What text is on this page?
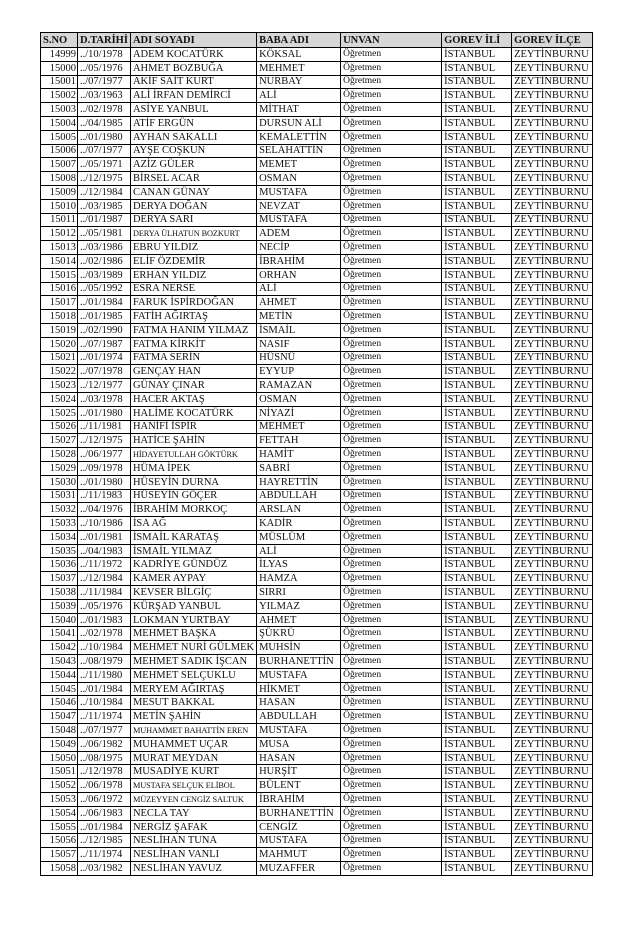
S.NO	D.TARİHİ	ADI SOYADI	BABA ADI	UNVAN	GOREV İLİ	GOREV İLÇE
14999	../10/1978	ADEM KOCATÜRK	KÖKSAL	Öğretmen	İSTANBUL	ZEYTİNBURNU
15000	../05/1976	AHMET BOZBUĞA	MEHMET	Öğretmen	İSTANBUL	ZEYTİNBURNU
15001	../07/1977	AKİF SAİT KURT	NURBAY	Öğretmen	İSTANBUL	ZEYTİNBURNU
15002	../03/1963	ALİ İRFAN DEMİRCİ	ALİ	Öğretmen	İSTANBUL	ZEYTİNBURNU
15003	../02/1978	ASİYE YANBUL	MİTHAT	Öğretmen	İSTANBUL	ZEYTİNBURNU
15004	../04/1985	ATİF ERGÜN	DURSUN ALİ	Öğretmen	İSTANBUL	ZEYTİNBURNU
15005	../01/1980	AYHAN SAKALLI	KEMALETTİN	Öğretmen	İSTANBUL	ZEYTİNBURNU
15006	../07/1977	AYŞE COŞKUN	SELAHATTİN	Öğretmen	İSTANBUL	ZEYTİNBURNU
15007	../05/1971	AZİZ GÜLER	MEMET	Öğretmen	İSTANBUL	ZEYTİNBURNU
15008	../12/1975	BİRSEL ACAR	OSMAN	Öğretmen	İSTANBUL	ZEYTİNBURNU
15009	../12/1984	CANAN GÜNAY	MUSTAFA	Öğretmen	İSTANBUL	ZEYTİNBURNU
15010	../03/1985	DERYA DOĞAN	NEVZAT	Öğretmen	İSTANBUL	ZEYTİNBURNU
15011	../01/1987	DERYA SARI	MUSTAFA	Öğretmen	İSTANBUL	ZEYTİNBURNU
15012	../05/1981	DERYA ÜLHATUN BOZKURT	ADEM	Öğretmen	İSTANBUL	ZEYTİNBURNU
15013	../03/1986	EBRU YILDIZ	NECİP	Öğretmen	İSTANBUL	ZEYTİNBURNU
15014	../02/1986	ELİF ÖZDEMİR	İBRAHİM	Öğretmen	İSTANBUL	ZEYTİNBURNU
15015	../03/1989	ERHAN YILDIZ	ORHAN	Öğretmen	İSTANBUL	ZEYTİNBURNU
15016	../05/1992	ESRA NERSE	ALİ	Öğretmen	İSTANBUL	ZEYTİNBURNU
15017	../01/1984	FARUK İSPİRDOĞAN	AHMET	Öğretmen	İSTANBUL	ZEYTİNBURNU
15018	../01/1985	FATİH AĞIRTAŞ	METİN	Öğretmen	İSTANBUL	ZEYTİNBURNU
15019	../02/1990	FATMA HANIM YILMAZ	İSMAİL	Öğretmen	İSTANBUL	ZEYTİNBURNU
15020	../07/1987	FATMA KİRKİT	NASIF	Öğretmen	İSTANBUL	ZEYTİNBURNU
15021	../01/1974	FATMA SERİN	HÜSNÜ	Öğretmen	İSTANBUL	ZEYTİNBURNU
15022	../07/1978	GENÇAY HAN	EYYUP	Öğretmen	İSTANBUL	ZEYTİNBURNU
15023	../12/1977	GÜNAY ÇINAR	RAMAZAN	Öğretmen	İSTANBUL	ZEYTİNBURNU
15024	../03/1978	HACER AKTAŞ	OSMAN	Öğretmen	İSTANBUL	ZEYTİNBURNU
15025	../01/1980	HALİME KOCATÜRK	NİYAZİ	Öğretmen	İSTANBUL	ZEYTİNBURNU
15026	../11/1981	HANİFİ İSPİR	MEHMET	Öğretmen	İSTANBUL	ZEYTİNBURNU
15027	../12/1975	HATİCE ŞAHİN	FETTAH	Öğretmen	İSTANBUL	ZEYTİNBURNU
15028	../06/1977	HİDAYETULLAH GÖKTÜRK	HAMİT	Öğretmen	İSTANBUL	ZEYTİNBURNU
15029	../09/1978	HÜMA İPEK	SABRİ	Öğretmen	İSTANBUL	ZEYTİNBURNU
15030	../01/1980	HÜSEYİN DURNA	HAYRETTİN	Öğretmen	İSTANBUL	ZEYTİNBURNU
15031	../11/1983	HÜSEYİN GÖÇER	ABDULLAH	Öğretmen	İSTANBUL	ZEYTİNBURNU
15032	../04/1976	İBRAHİM MORKOÇ	ARSLAN	Öğretmen	İSTANBUL	ZEYTİNBURNU
15033	../10/1986	İSA AĞ	KADİR	Öğretmen	İSTANBUL	ZEYTİNBURNU
15034	../01/1981	İSMAİL KARATAŞ	MÜSLÜM	Öğretmen	İSTANBUL	ZEYTİNBURNU
15035	../04/1983	İSMAİL YILMAZ	ALİ	Öğretmen	İSTANBUL	ZEYTİNBURNU
15036	../11/1972	KADRİYE GÜNDÜZ	İLYAS	Öğretmen	İSTANBUL	ZEYTİNBURNU
15037	../12/1984	KAMER AYPAY	HAMZA	Öğretmen	İSTANBUL	ZEYTİNBURNU
15038	../11/1984	KEVSER BİLGİÇ	SIRRI	Öğretmen	İSTANBUL	ZEYTİNBURNU
15039	../05/1976	KÜRŞAD YANBUL	YILMAZ	Öğretmen	İSTANBUL	ZEYTİNBURNU
15040	../01/1983	LOKMAN YURTBAY	AHMET	Öğretmen	İSTANBUL	ZEYTİNBURNU
15041	../02/1978	MEHMET BAŞKA	ŞÜKRÜ	Öğretmen	İSTANBUL	ZEYTİNBURNU
15042	../10/1984	MEHMET NURİ GÜLMEK	MUHSİN	Öğretmen	İSTANBUL	ZEYTİNBURNU
15043	../08/1979	MEHMET SADIK İŞCAN	BURHANETTİN	Öğretmen	İSTANBUL	ZEYTİNBURNU
15044	../11/1980	MEHMET SELÇUKLU	MUSTAFA	Öğretmen	İSTANBUL	ZEYTİNBURNU
15045	../01/1984	MERYEM AĞIRTAŞ	HİKMET	Öğretmen	İSTANBUL	ZEYTİNBURNU
15046	../10/1984	MESUT BAKKAL	HASAN	Öğretmen	İSTANBUL	ZEYTİNBURNU
15047	../11/1974	METİN ŞAHİN	ABDULLAH	Öğretmen	İSTANBUL	ZEYTİNBURNU
15048	../07/1977	MUHAMMET BAHATTİN EREN	MUSTAFA	Öğretmen	İSTANBUL	ZEYTİNBURNU
15049	../06/1982	MUHAMMET UÇAR	MUSA	Öğretmen	İSTANBUL	ZEYTİNBURNU
15050	../08/1975	MURAT MEYDAN	HASAN	Öğretmen	İSTANBUL	ZEYTİNBURNU
15051	../12/1978	MUSADİYE KURT	HURŞİT	Öğretmen	İSTANBUL	ZEYTİNBURNU
15052	../06/1978	MUSTAFA SELÇUK ELİBOL	BÜLENT	Öğretmen	İSTANBUL	ZEYTİNBURNU
15053	../06/1972	MÜZEYYEN CENGİZ SALTUK	İBRAHİM	Öğretmen	İSTANBUL	ZEYTİNBURNU
15054	../06/1983	NECLA TAY	BURHANETTİN	Öğretmen	İSTANBUL	ZEYTİNBURNU
15055	../01/1984	NERGİZ ŞAFAK	CENGİZ	Öğretmen	İSTANBUL	ZEYTİNBURNU
15056	../12/1985	NESLİHAN TUNA	MUSTAFA	Öğretmen	İSTANBUL	ZEYTİNBURNU
15057	../11/1974	NESLİHAN VANLI	MAHMUT	Öğretmen	İSTANBUL	ZEYTİNBURNU
15058	../03/1982	NESLİHAN YAVUZ	MUZAFFER	Öğretmen	İSTANBUL	ZEYTİNBURNU
